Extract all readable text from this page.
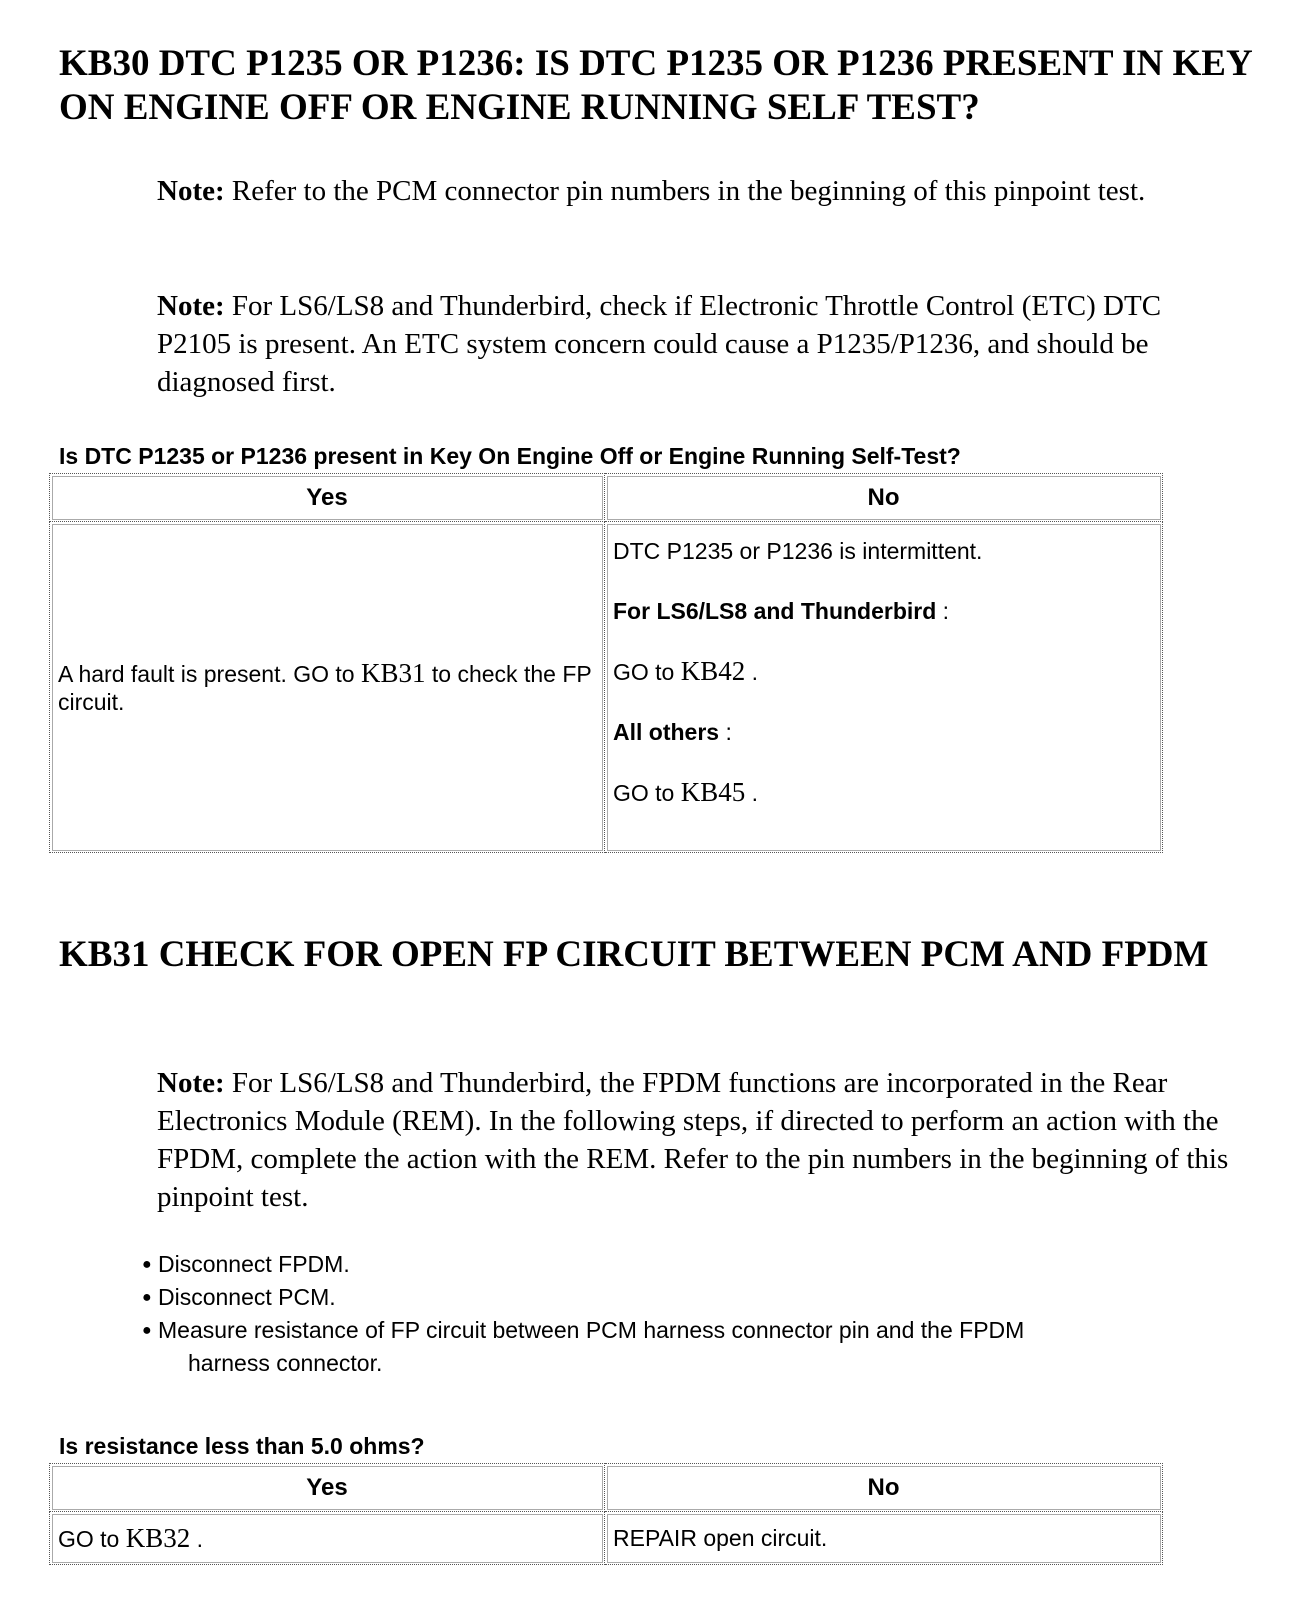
KB30 DTC P1235 OR P1236: IS DTC P1235 OR P1236 PRESENT IN KEY ON ENGINE OFF OR ENGINE RUNNING SELF TEST?

Note: Refer to the PCM connector pin numbers in the beginning of this pinpoint test.

Note: For LS6/LS8 and Thunderbird, check if Electronic Throttle Control (ETC) DTC P2105 is present. An ETC system concern could cause a P1235/P1236, and should be diagnosed first.

Is DTC P1235 or P1236 present in Key On Engine Off or Engine Running Self-Test?

Yes	No
A hard fault is present. GO to KB31 to check the FP circuit.	DTC P1235 or P1236 is intermittent.

For LS6/LS8 and Thunderbird :

GO to KB42 .

All others :

GO to KB45 .

KB31 CHECK FOR OPEN FP CIRCUIT BETWEEN PCM AND FPDM

Note: For LS6/LS8 and Thunderbird, the FPDM functions are incorporated in the Rear Electronics Module (REM). In the following steps, if directed to perform an action with the FPDM, complete the action with the REM. Refer to the pin numbers in the beginning of this pinpoint test.

● Disconnect FPDM.
● Disconnect PCM.
● Measure resistance of FP circuit between PCM harness connector pin and the FPDM
harness connector.

Is resistance less than 5.0 ohms?

Yes	No
GO to KB32 .	REPAIR open circuit.
